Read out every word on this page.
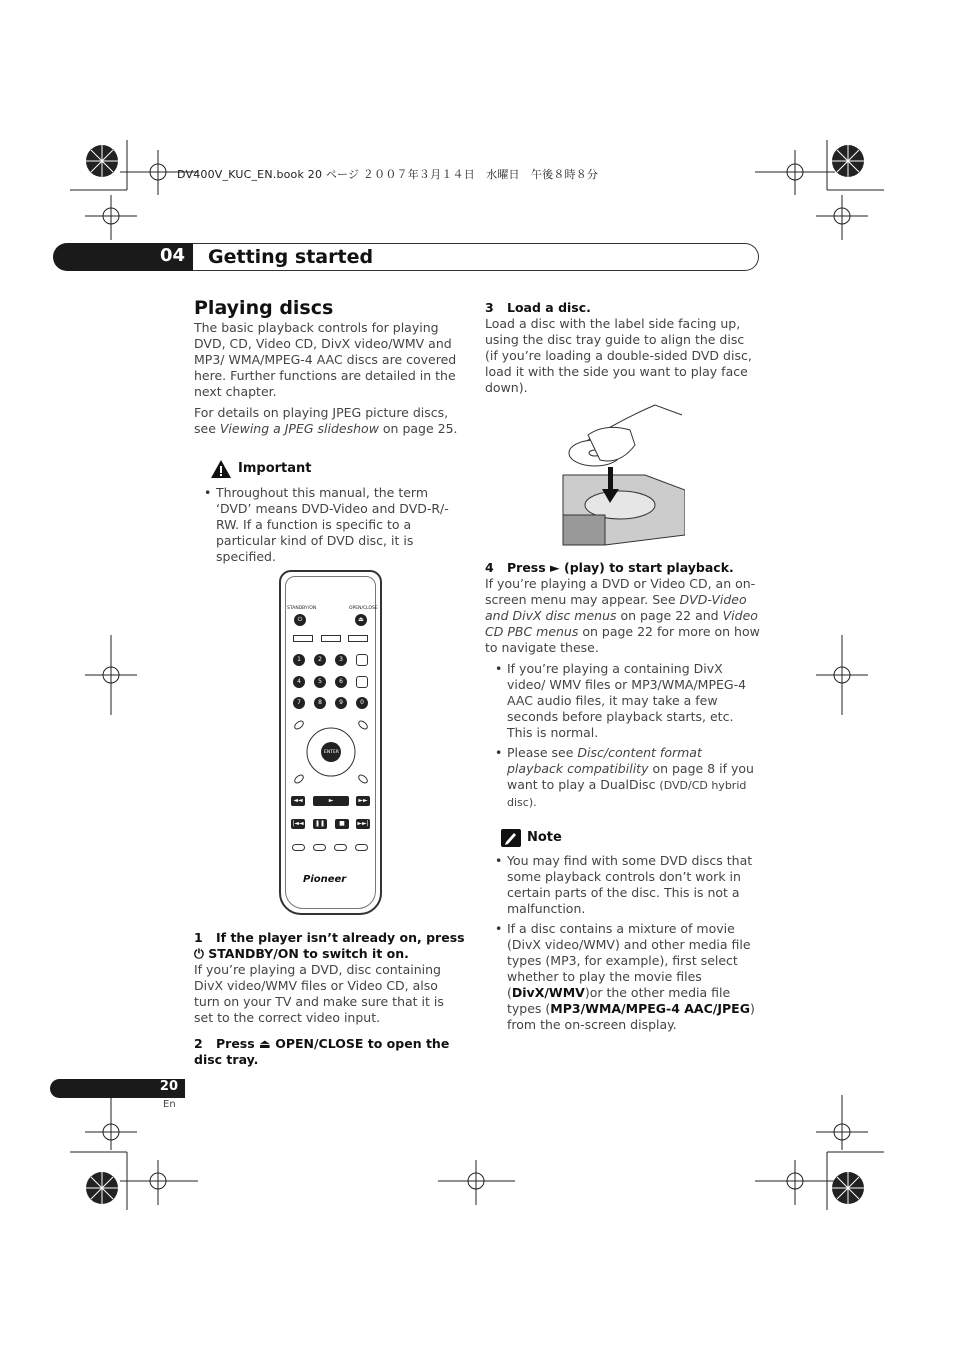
DV400V_KUC_EN.book 20 ページ ２００７年３月１４日　水曜日　午後８時８分
04 Getting started
Playing discs

The basic playback controls for playing DVD, CD, Video CD, DivX video/WMV and MP3/ WMA/MPEG-4 AAC discs are covered here. Further functions are detailed in the next chapter.

For details on playing JPEG picture discs, see Viewing a JPEG slideshow on page 25.

Important
• Throughout this manual, the term ‘DVD’ means DVD-Video and DVD-R/-RW. If a function is specific to a particular kind of DVD disc, it is specified.
STANDBY/ON	OPEN/CLOSE
⏻	⏏
1	2	3
4	5	6
7	8	9	0
ENTER
◄◄	►	►►
|◄◄	❚❚	■	►►|
Pioneer
1 If the player isn’t already on, press
⏻ STANDBY/ON to switch it on.

If you’re playing a DVD, disc containing DivX video/WMV files or Video CD, also turn on your TV and make sure that it is set to the correct video input.

2 Press ⏏ OPEN/CLOSE to open the disc tray.
3 Load a disc.

Load a disc with the label side facing up, using the disc tray guide to align the disc (if you’re loading a double-sided DVD disc, load it with the side you want to play face down).

4 Press ► (play) to start playback.

If you’re playing a DVD or Video CD, an on-screen menu may appear. See DVD-Video and DivX disc menus on page 22 and Video CD PBC menus on page 22 for more on how to navigate these.

• If you’re playing a containing DivX video/ WMV files or MP3/WMA/MPEG-4 AAC audio files, it may take a few seconds before playback starts, etc. This is normal.
• Please see Disc/content format playback compatibility on page 8 if you want to play a DualDisc (DVD/CD hybrid disc).
Note
• You may find with some DVD discs that some playback controls don’t work in certain parts of the disc. This is not a malfunction.
• If a disc contains a mixture of movie (DivX video/WMV) and other media file types (MP3, for example), first select whether to play the movie files (DivX/WMV)or the other media file types (MP3/WMA/MPEG-4 AAC/JPEG) from the on-screen display.
20
En
